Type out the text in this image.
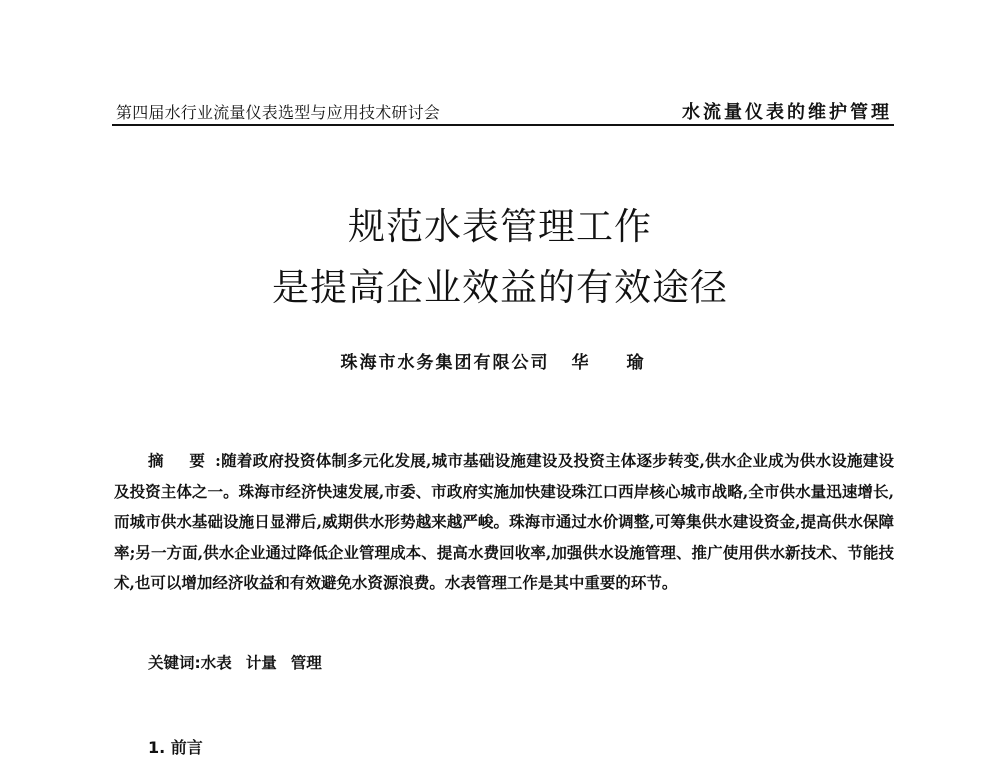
第四届水行业流量仪表选型与应用技术研讨会	水流量仪表的维护管理
规范水表管理工作
是提高企业效益的有效途径
珠海市水务集团有限公司 华 瑜
摘 要:随着政府投资体制多元化发展,城市基础设施建设及投资主体逐步转变,供水企业成为供水设施建设及投资主体之一。珠海市经济快速发展,市委、市政府实施加快建设珠江口西岸核心城市战略,全市供水量迅速增长,而城市供水基础设施日显滞后,威期供水形势越来越严峻。珠海市通过水价调整,可筹集供水建设资金,提高供水保障率;另一方面,供水企业通过降低企业管理成本、提高水费回收率,加强供水设施管理、推广使用供水新技术、节能技术,也可以增加经济收益和有效避免水资源浪费。水表管理工作是其中重要的环节。
关键词:水表 计量 管理
1. 前言
